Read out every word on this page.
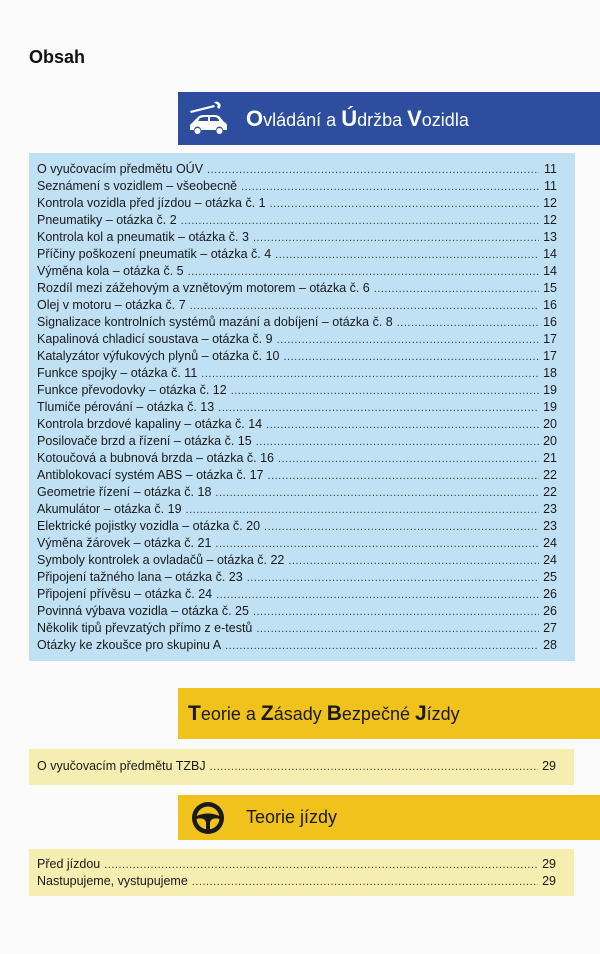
Obsah
Ovládání a Údržba Vozidla
O vyučovacím předmětu OÚV .....	11
Seznámení s vozidlem – všeobecně .....	11
Kontrola vozidla před jízdou – otázka č. 1 .....	12
Pneumatiky – otázka č. 2 .....	12
Kontrola kol a pneumatik – otázka č. 3 .....	13
Příčiny poškození pneumatik – otázka č. 4 .....	14
Výměna kola – otázka č. 5 .....	14
Rozdíl mezi zážehovým a vznětovým motorem – otázka č. 6 .....	15
Olej v motoru – otázka č. 7 .....	16
Signalizace kontrolních systémů mazání a dobíjení – otázka č. 8 .....	16
Kapalinová chladicí soustava – otázka č. 9 .....	17
Katalyzátor výfukových plynů – otázka č. 10 .....	17
Funkce spojky – otázka č. 11 .....	18
Funkce převodovky – otázka č. 12 .....	19
Tlumiče pérování – otázka č. 13 .....	19
Kontrola brzdové kapaliny – otázka č. 14 .....	20
Posilovače brzd a řízení – otázka č. 15 .....	20
Kotoučová a bubnová brzda – otázka č. 16 .....	21
Antiblokovací systém ABS – otázka č. 17 .....	22
Geometrie řízení – otázka č. 18 .....	22
Akumulátor – otázka č. 19 .....	23
Elektrické pojistky vozidla – otázka č. 20 .....	23
Výměna žárovek – otázka č. 21 .....	24
Symboly kontrolek a ovladačů – otázka č. 22 .....	24
Připojení tažného lana – otázka č. 23 .....	25
Připojení přívěsu – otázka č. 24 .....	26
Povinná výbava vozidla – otázka č. 25 .....	26
Několik tipů převzatých přímo z e-testů .....	27
Otázky ke zkoušce pro skupinu A .....	28
Teorie a Zásady Bezpečné Jízdy
O vyučovacím předmětu TZBJ .....	29
Teorie jízdy
Před jízdou .....	29
Nastupujeme, vystupujeme .....	29
